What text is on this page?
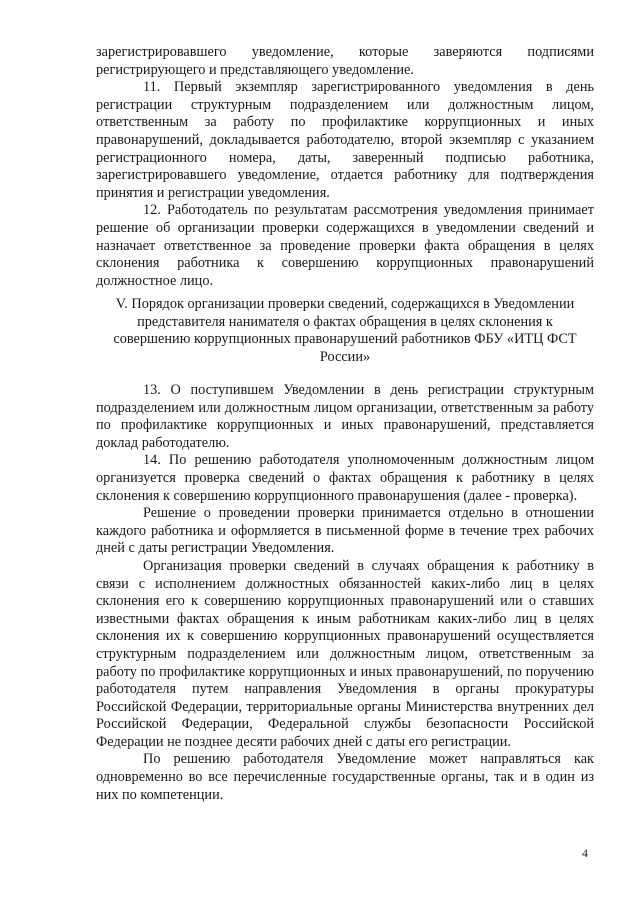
зарегистрировавшего уведомление, которые заверяются подписями регистрирующего и представляющего уведомление.

11. Первый экземпляр зарегистрированного уведомления в день регистрации структурным подразделением или должностным лицом, ответственным за работу по профилактике коррупционных и иных правонарушений, докладывается работодателю, второй экземпляр с указанием регистрационного номера, даты, заверенный подписью работника, зарегистрировавшего уведомление, отдается работнику для подтверждения принятия и регистрации уведомления.

12. Работодатель по результатам рассмотрения уведомления принимает решение об организации проверки содержащихся в уведомлении сведений и назначает ответственное за проведение проверки факта обращения в целях склонения работника к совершению коррупционных правонарушений должностное лицо.

V. Порядок организации проверки сведений, содержащихся в Уведомлении представителя нанимателя о фактах обращения в целях склонения к совершению коррупционных правонарушений работников ФБУ «ИТЦ ФСТ России»

13. О поступившем Уведомлении в день регистрации структурным подразделением или должностным лицом организации, ответственным за работу по профилактике коррупционных и иных правонарушений, представляется доклад работодателю.

14. По решению работодателя уполномоченным должностным лицом организуется проверка сведений о фактах обращения к работнику в целях склонения к совершению коррупционного правонарушения (далее - проверка).

Решение о проведении проверки принимается отдельно в отношении каждого работника и оформляется в письменной форме в течение трех рабочих дней с даты регистрации Уведомления.

Организация проверки сведений в случаях обращения к работнику в связи с исполнением должностных обязанностей каких-либо лиц в целях склонения его к совершению коррупционных правонарушений или о ставших известными фактах обращения к иным работникам каких-либо лиц в целях склонения их к совершению коррупционных правонарушений осуществляется структурным подразделением или должностным лицом, ответственным за работу по профилактике коррупционных и иных правонарушений, по поручению работодателя путем направления Уведомления в органы прокуратуры Российской Федерации, территориальные органы Министерства внутренних дел Российской Федерации, Федеральной службы безопасности Российской Федерации не позднее десяти рабочих дней с даты его регистрации.

По решению работодателя Уведомление может направляться как одновременно во все перечисленные государственные органы, так и в один из них по компетенции.

4
